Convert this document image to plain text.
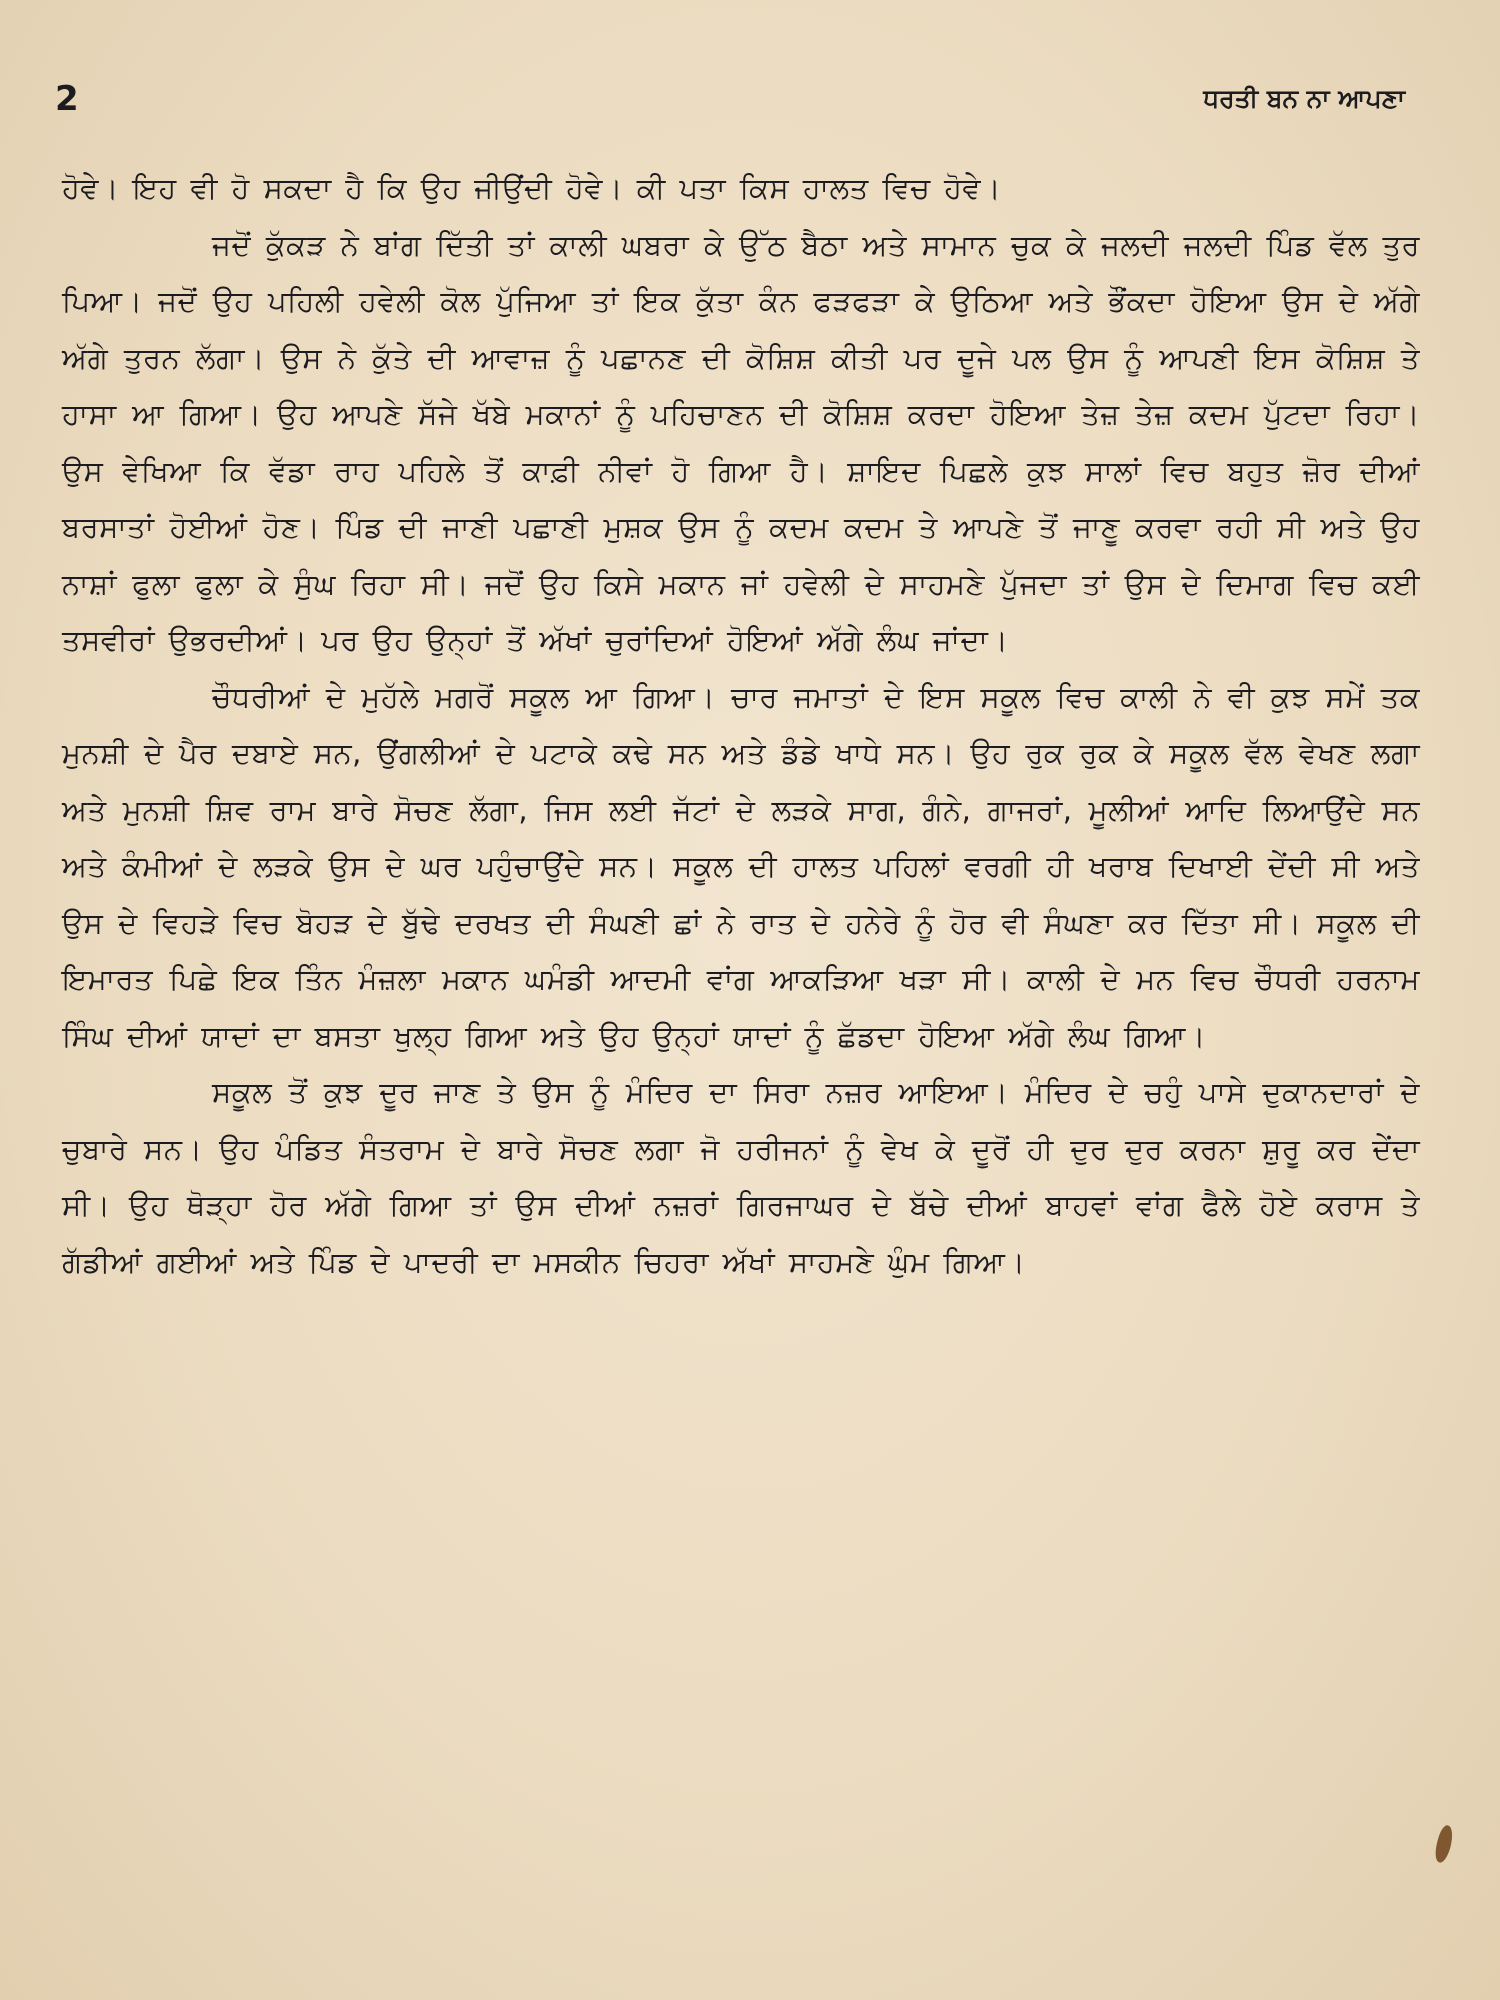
2	ਧਰਤੀ ਬਨ ਨਾ ਆਪਣਾ

ਹੋਵੇ। ਇਹ ਵੀ ਹੋ ਸਕਦਾ ਹੈ ਕਿ ਉਹ ਜੀਉਂਦੀ ਹੋਵੇ। ਕੀ ਪਤਾ ਕਿਸ ਹਾਲਤ ਵਿਚ ਹੋਵੇ।

ਜਦੋਂ ਕੁੱਕੜ ਨੇ ਬਾਂਗ ਦਿੱਤੀ ਤਾਂ ਕਾਲੀ ਘਬਰਾ ਕੇ ਉੱਠ ਬੈਠਾ ਅਤੇ ਸਾਮਾਨ ਚੁਕ ਕੇ ਜਲਦੀ ਜਲਦੀ ਪਿੰਡ ਵੱਲ ਤੁਰ ਪਿਆ। ਜਦੋਂ ਉਹ ਪਹਿਲੀ ਹਵੇਲੀ ਕੋਲ ਪੁੱਜਿਆ ਤਾਂ ਇਕ ਕੁੱਤਾ ਕੰਨ ਫੜਫੜਾ ਕੇ ਉਠਿਆ ਅਤੇ ਭੌਂਕਦਾ ਹੋਇਆ ਉਸ ਦੇ ਅੱਗੇ ਅੱਗੇ ਤੁਰਨ ਲੱਗਾ। ਉਸ ਨੇ ਕੁੱਤੇ ਦੀ ਆਵਾਜ਼ ਨੂੰ ਪਛਾਨਣ ਦੀ ਕੋਸ਼ਿਸ਼ ਕੀਤੀ ਪਰ ਦੂਜੇ ਪਲ ਉਸ ਨੂੰ ਆਪਣੀ ਇਸ ਕੋਸ਼ਿਸ਼ ਤੇ ਹਾਸਾ ਆ ਗਿਆ। ਉਹ ਆਪਣੇ ਸੱਜੇ ਖੱਬੇ ਮਕਾਨਾਂ ਨੂੰ ਪਹਿਚਾਣਨ ਦੀ ਕੋਸ਼ਿਸ਼ ਕਰਦਾ ਹੋਇਆ ਤੇਜ਼ ਤੇਜ਼ ਕਦਮ ਪੁੱਟਦਾ ਰਿਹਾ। ਉਸ ਵੇਖਿਆ ਕਿ ਵੱਡਾ ਰਾਹ ਪਹਿਲੇ ਤੋਂ ਕਾਫ਼ੀ ਨੀਵਾਂ ਹੋ ਗਿਆ ਹੈ। ਸ਼ਾਇਦ ਪਿਛਲੇ ਕੁਝ ਸਾਲਾਂ ਵਿਚ ਬਹੁਤ ਜ਼ੋਰ ਦੀਆਂ ਬਰਸਾਤਾਂ ਹੋਈਆਂ ਹੋਣ। ਪਿੰਡ ਦੀ ਜਾਣੀ ਪਛਾਣੀ ਮੁਸ਼ਕ ਉਸ ਨੂੰ ਕਦਮ ਕਦਮ ਤੇ ਆਪਣੇ ਤੋਂ ਜਾਣੂ ਕਰਵਾ ਰਹੀ ਸੀ ਅਤੇ ਉਹ ਨਾਸ਼ਾਂ ਫੁਲਾ ਫੁਲਾ ਕੇ ਸੁੰਘ ਰਿਹਾ ਸੀ। ਜਦੋਂ ਉਹ ਕਿਸੇ ਮਕਾਨ ਜਾਂ ਹਵੇਲੀ ਦੇ ਸਾਹਮਣੇ ਪੁੱਜਦਾ ਤਾਂ ਉਸ ਦੇ ਦਿਮਾਗ ਵਿਚ ਕਈ ਤਸਵੀਰਾਂ ਉਭਰਦੀਆਂ। ਪਰ ਉਹ ਉਨ੍ਹਾਂ ਤੋਂ ਅੱਖਾਂ ਚੁਰਾਂਦਿਆਂ ਹੋਇਆਂ ਅੱਗੇ ਲੰਘ ਜਾਂਦਾ।

ਚੌਧਰੀਆਂ ਦੇ ਮੁਹੱਲੇ ਮਗਰੋਂ ਸਕੂਲ ਆ ਗਿਆ। ਚਾਰ ਜਮਾਤਾਂ ਦੇ ਇਸ ਸਕੂਲ ਵਿਚ ਕਾਲੀ ਨੇ ਵੀ ਕੁਝ ਸਮੇਂ ਤਕ ਮੁਨਸ਼ੀ ਦੇ ਪੈਰ ਦਬਾਏ ਸਨ, ਉਂਗਲੀਆਂ ਦੇ ਪਟਾਕੇ ਕਢੇ ਸਨ ਅਤੇ ਡੰਡੇ ਖਾਧੇ ਸਨ। ਉਹ ਰੁਕ ਰੁਕ ਕੇ ਸਕੂਲ ਵੱਲ ਵੇਖਣ ਲਗਾ ਅਤੇ ਮੁਨਸ਼ੀ ਸ਼ਿਵ ਰਾਮ ਬਾਰੇ ਸੋਚਣ ਲੱਗਾ, ਜਿਸ ਲਈ ਜੱਟਾਂ ਦੇ ਲੜਕੇ ਸਾਗ, ਗੰਨੇ, ਗਾਜਰਾਂ, ਮੂਲੀਆਂ ਆਦਿ ਲਿਆਉਂਦੇ ਸਨ ਅਤੇ ਕੰਮੀਆਂ ਦੇ ਲੜਕੇ ਉਸ ਦੇ ਘਰ ਪਹੁੰਚਾਉਂਦੇ ਸਨ। ਸਕੂਲ ਦੀ ਹਾਲਤ ਪਹਿਲਾਂ ਵਰਗੀ ਹੀ ਖਰਾਬ ਦਿਖਾਈ ਦੇਂਦੀ ਸੀ ਅਤੇ ਉਸ ਦੇ ਵਿਹੜੇ ਵਿਚ ਬੋਹੜ ਦੇ ਬੁੱਢੇ ਦਰਖਤ ਦੀ ਸੰਘਣੀ ਛਾਂ ਨੇ ਰਾਤ ਦੇ ਹਨੇਰੇ ਨੂੰ ਹੋਰ ਵੀ ਸੰਘਣਾ ਕਰ ਦਿੱਤਾ ਸੀ। ਸਕੂਲ ਦੀ ਇਮਾਰਤ ਪਿਛੇ ਇਕ ਤਿੰਨ ਮੰਜ਼ਲਾ ਮਕਾਨ ਘਮੰਡੀ ਆਦਮੀ ਵਾਂਗ ਆਕੜਿਆ ਖੜਾ ਸੀ। ਕਾਲੀ ਦੇ ਮਨ ਵਿਚ ਚੌਧਰੀ ਹਰਨਾਮ ਸਿੰਘ ਦੀਆਂ ਯਾਦਾਂ ਦਾ ਬਸਤਾ ਖੁਲ੍ਹ ਗਿਆ ਅਤੇ ਉਹ ਉਨ੍ਹਾਂ ਯਾਦਾਂ ਨੂੰ ਛੱਡਦਾ ਹੋਇਆ ਅੱਗੇ ਲੰਘ ਗਿਆ।

ਸਕੂਲ ਤੋਂ ਕੁਝ ਦੂਰ ਜਾਣ ਤੇ ਉਸ ਨੂੰ ਮੰਦਿਰ ਦਾ ਸਿਰਾ ਨਜ਼ਰ ਆਇਆ। ਮੰਦਿਰ ਦੇ ਚਹੁੰ ਪਾਸੇ ਦੁਕਾਨਦਾਰਾਂ ਦੇ ਚੁਬਾਰੇ ਸਨ। ਉਹ ਪੰਡਿਤ ਸੰਤਰਾਮ ਦੇ ਬਾਰੇ ਸੋਚਣ ਲਗਾ ਜੋ ਹਰੀਜਨਾਂ ਨੂੰ ਵੇਖ ਕੇ ਦੂਰੋਂ ਹੀ ਦੁਰ ਦੁਰ ਕਰਨਾ ਸ਼ੁਰੂ ਕਰ ਦੇਂਦਾ ਸੀ। ਉਹ ਥੋੜ੍ਹਾ ਹੋਰ ਅੱਗੇ ਗਿਆ ਤਾਂ ਉਸ ਦੀਆਂ ਨਜ਼ਰਾਂ ਗਿਰਜਾਘਰ ਦੇ ਬੱਚੇ ਦੀਆਂ ਬਾਹਵਾਂ ਵਾਂਗ ਫੈਲੇ ਹੋਏ ਕਰਾਸ ਤੇ ਗੱਡੀਆਂ ਗਈਆਂ ਅਤੇ ਪਿੰਡ ਦੇ ਪਾਦਰੀ ਦਾ ਮਸਕੀਨ ਚਿਹਰਾ ਅੱਖਾਂ ਸਾਹਮਣੇ ਘੁੰਮ ਗਿਆ।
